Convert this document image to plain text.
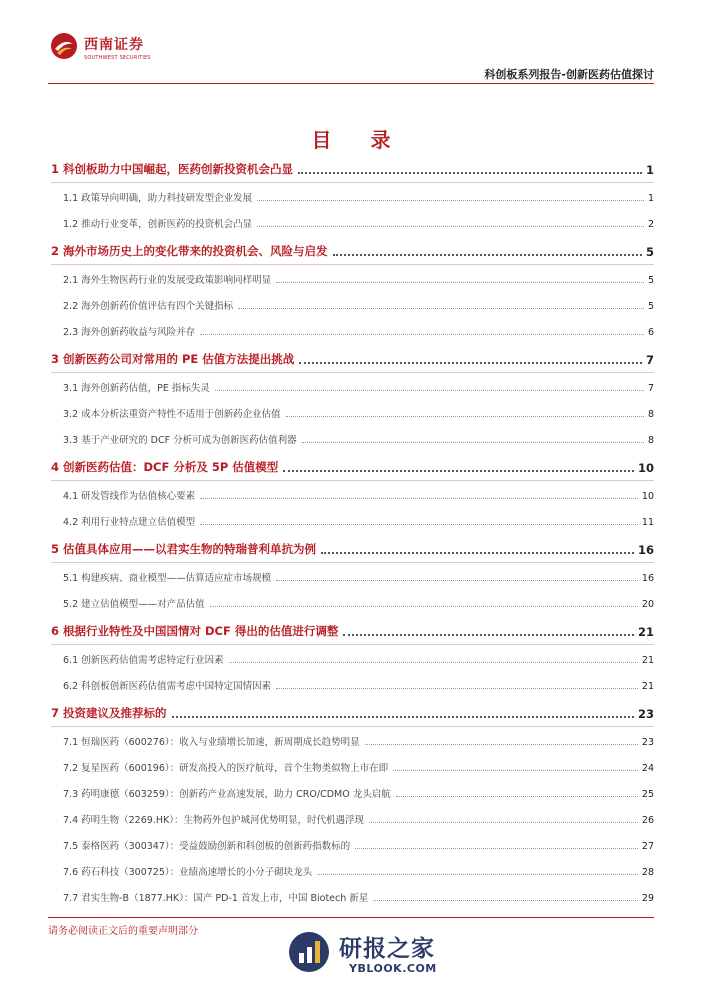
西南证券
SOUTHWEST SECURITIES
科创板系列报告-创新医药估值探讨
目 录
1 科创板助力中国崛起，医药创新投资机会凸显	1
1.1 政策导向明确，助力科技研发型企业发展	1
1.2 推动行业变革，创新医药的投资机会凸显	2
2 海外市场历史上的变化带来的投资机会、风险与启发	5
2.1 海外生物医药行业的发展受政策影响同样明显	5
2.2 海外创新药价值评估有四个关键指标	5
2.3 海外创新药收益与风险并存	6
3 创新医药公司对常用的 PE 估值方法提出挑战	7
3.1 海外创新药估值，PE 指标失灵	7
3.2 成本分析法重资产特性不适用于创新药企业估值	8
3.3 基于产业研究的 DCF 分析可成为创新医药估值利器	8
4 创新医药估值：DCF 分析及 5P 估值模型	10
4.1 研发管线作为估值核心要素	10
4.2 利用行业特点建立估值模型	11
5 估值具体应用——以君实生物的特瑞普利单抗为例	16
5.1 构建疾病、商业模型——估算适应症市场规模	16
5.2 建立估值模型——对产品估值	20
6 根据行业特性及中国国情对 DCF 得出的估值进行调整	21
6.1 创新医药估值需考虑特定行业因素	21
6.2 科创板创新医药估值需考虑中国特定国情因素	21
7 投资建议及推荐标的	23
7.1 恒瑞医药（600276）：收入与业绩增长加速，新周期成长趋势明显	23
7.2 复星医药（600196）：研发高投入的医疗航母，首个生物类似物上市在即	24
7.3 药明康德（603259）：创新药产业高速发展，助力 CRO/CDMO 龙头启航	25
7.4 药明生物（2269.HK）：生物药外包护城河优势明显，时代机遇浮现	26
7.5 泰格医药（300347）：受益鼓励创新和科创板的创新药指数标的	27
7.6 药石科技（300725）：业绩高速增长的小分子砌块龙头	28
7.7 君实生物-B（1877.HK）：国产 PD-1 首发上市，中国 Biotech 新星	29
请务必阅读正文后的重要声明部分
研报之家
YBLOOK.COM
